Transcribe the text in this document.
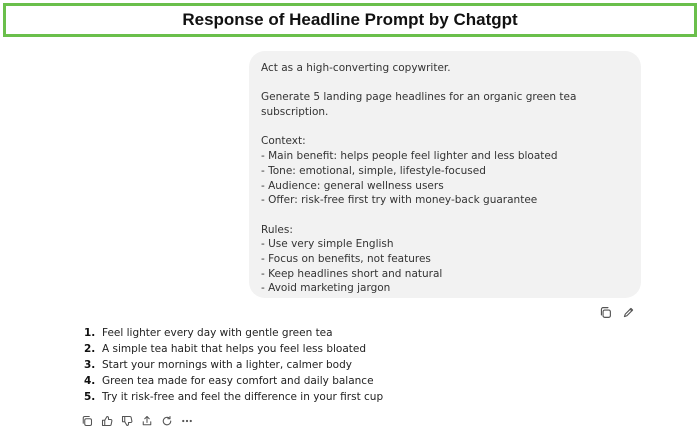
Response of Headline Prompt by Chatgpt
Act as a high-converting copywriter.
Generate 5 landing page headlines for an organic green tea
subscription.
Context:
- Main benefit: helps people feel lighter and less bloated
- Tone: emotional, simple, lifestyle-focused
- Audience: general wellness users
- Offer: risk-free first try with money-back guarantee
Rules:
- Use very simple English
- Focus on benefits, not features
- Keep headlines short and natural
- Avoid marketing jargon
1. Feel lighter every day with gentle green tea
2. A simple tea habit that helps you feel less bloated
3. Start your mornings with a lighter, calmer body
4. Green tea made for easy comfort and daily balance
5. Try it risk-free and feel the difference in your first cup
